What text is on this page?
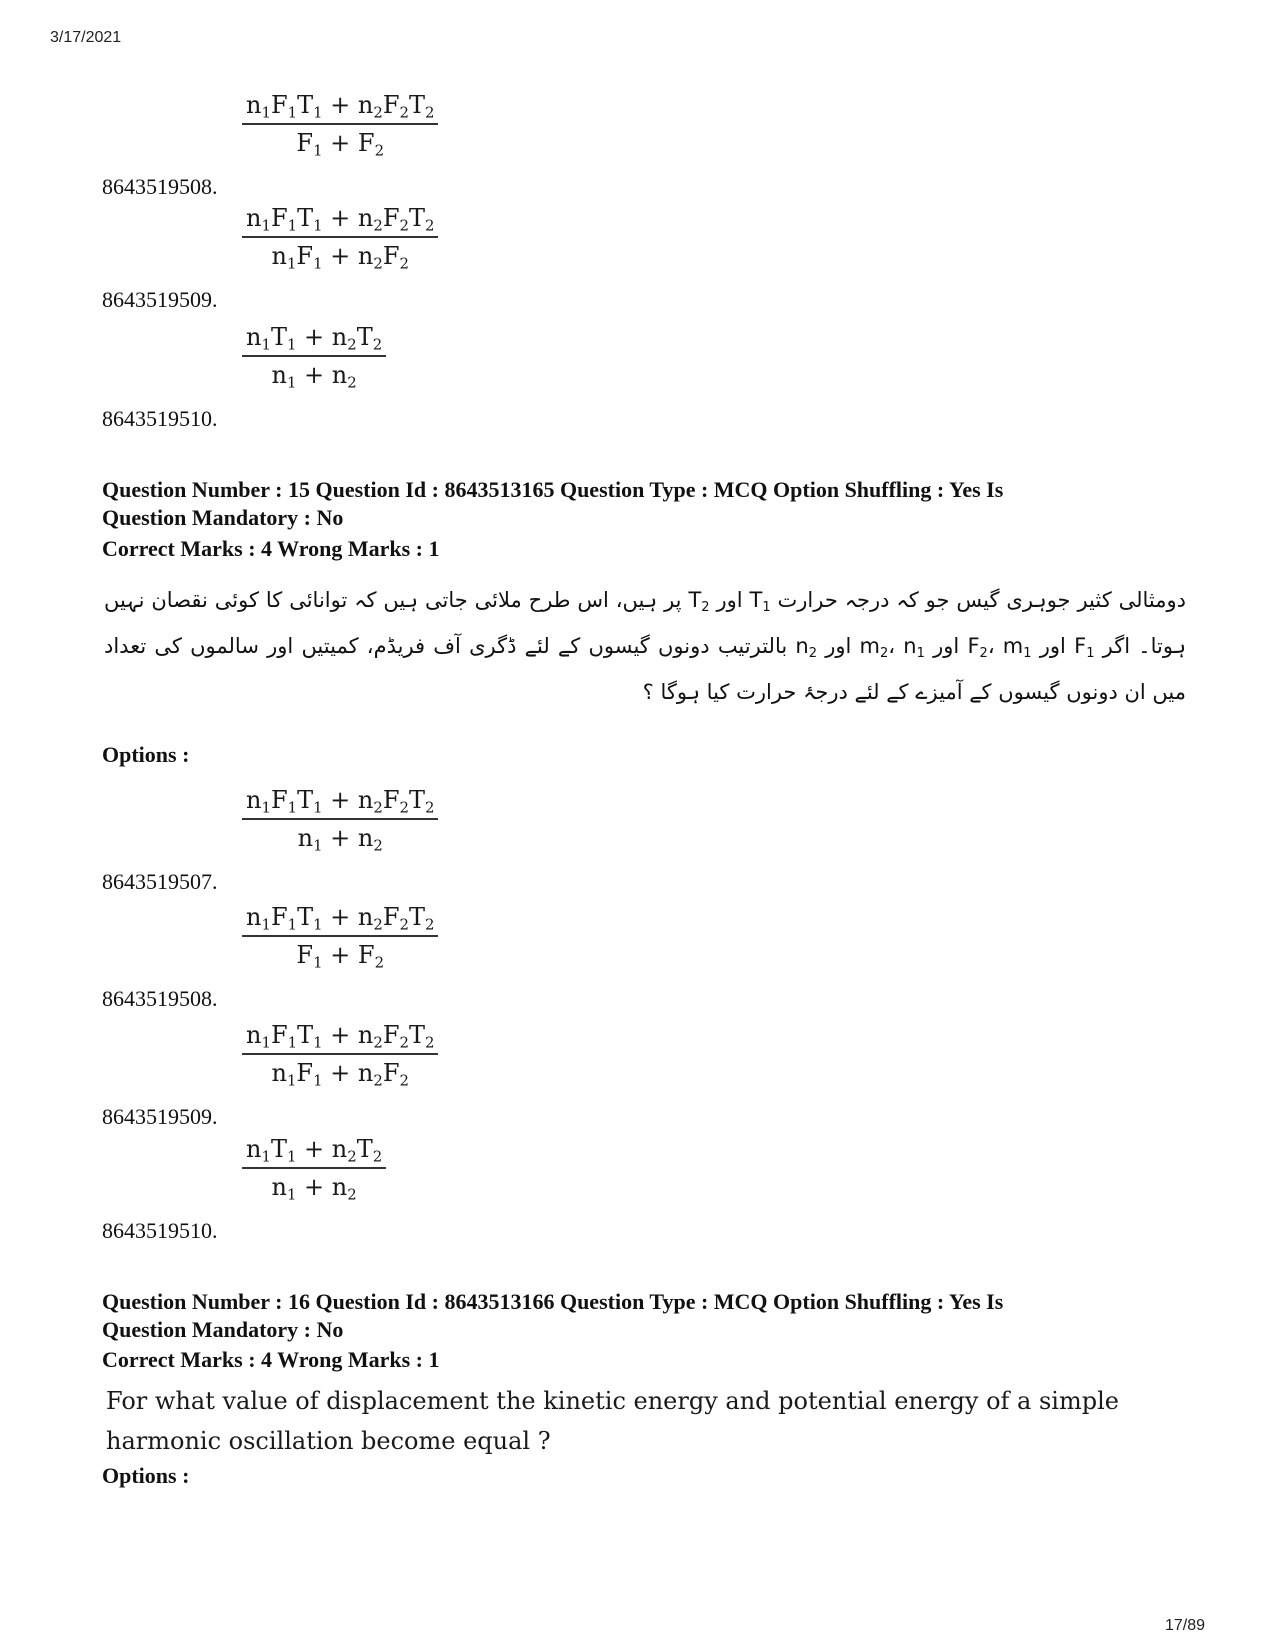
3/17/2021
$n_1F_1T_1 + n_2F_2T_2$
$F_1 + F_2$
8643519508.
$n_1F_1T_1 + n_2F_2T_2$
$n_1F_1 + n_2F_2$
8643519509.
$n_1T_1 + n_2T_2$
$n_1 + n_2$
8643519510.
Question Number : 15 Question Id : 8643513165 Question Type : MCQ Option Shuffling : Yes Is
Question Mandatory : No
Correct Marks : 4 Wrong Marks : 1
دومثالی کثیر جوہری گیس جو کہ درجہ حرارت $T_1$ اور $T_2$ پر ہیں، اس طرح ملائی جاتی ہیں کہ توانائی کا کوئی نقصان نہیں ہوتا۔ اگر $F_1$ اور $F_2،$ $m_1$ اور $m_2،$ $n_1$ اور $n_2$ بالترتیب دونوں گیسوں کے لئے ڈگری آف فریڈم، کمیتیں اور سالموں کی تعداد میں ان دونوں گیسوں کے آمیزے کے لئے درجۂ حرارت کیا ہوگا ؟
Options :
$n_1F_1T_1 + n_2F_2T_2$
$n_1 + n_2$
8643519507.
$n_1F_1T_1 + n_2F_2T_2$
$F_1 + F_2$
8643519508.
$n_1F_1T_1 + n_2F_2T_2$
$n_1F_1 + n_2F_2$
8643519509.
$n_1T_1 + n_2T_2$
$n_1 + n_2$
8643519510.
Question Number : 16 Question Id : 8643513166 Question Type : MCQ Option Shuffling : Yes Is
Question Mandatory : No
Correct Marks : 4 Wrong Marks : 1
For what value of displacement the kinetic energy and potential energy of a simple harmonic oscillation become equal ?
Options :
17/89
